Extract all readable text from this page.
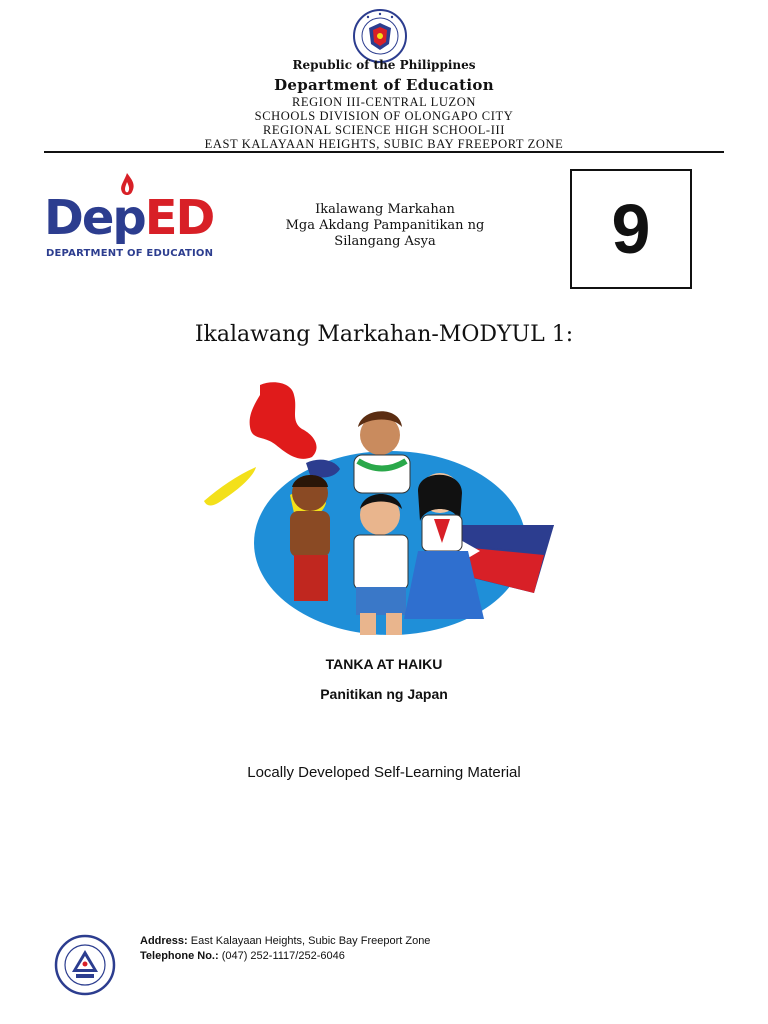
Republic of the Philippines
Department of Education
REGION III-CENTRAL LUZON
SCHOOLS DIVISION OF OLONGAPO CITY
REGIONAL SCIENCE HIGH SCHOOL-III
EAST KALAYAAN HEIGHTS, SUBIC BAY FREEPORT ZONE
DepED
DEPARTMENT OF EDUCATION
Ikalawang Markahan
Mga Akdang Pampanitikan ng
Silangang Asya	9
Ikalawang Markahan-MODYUL 1:
TANKA AT HAIKU
Panitikan ng Japan
Locally Developed Self-Learning Material
Address: East Kalayaan Heights, Subic Bay Freeport Zone
Telephone No.: (047) 252-1117/252-6046
